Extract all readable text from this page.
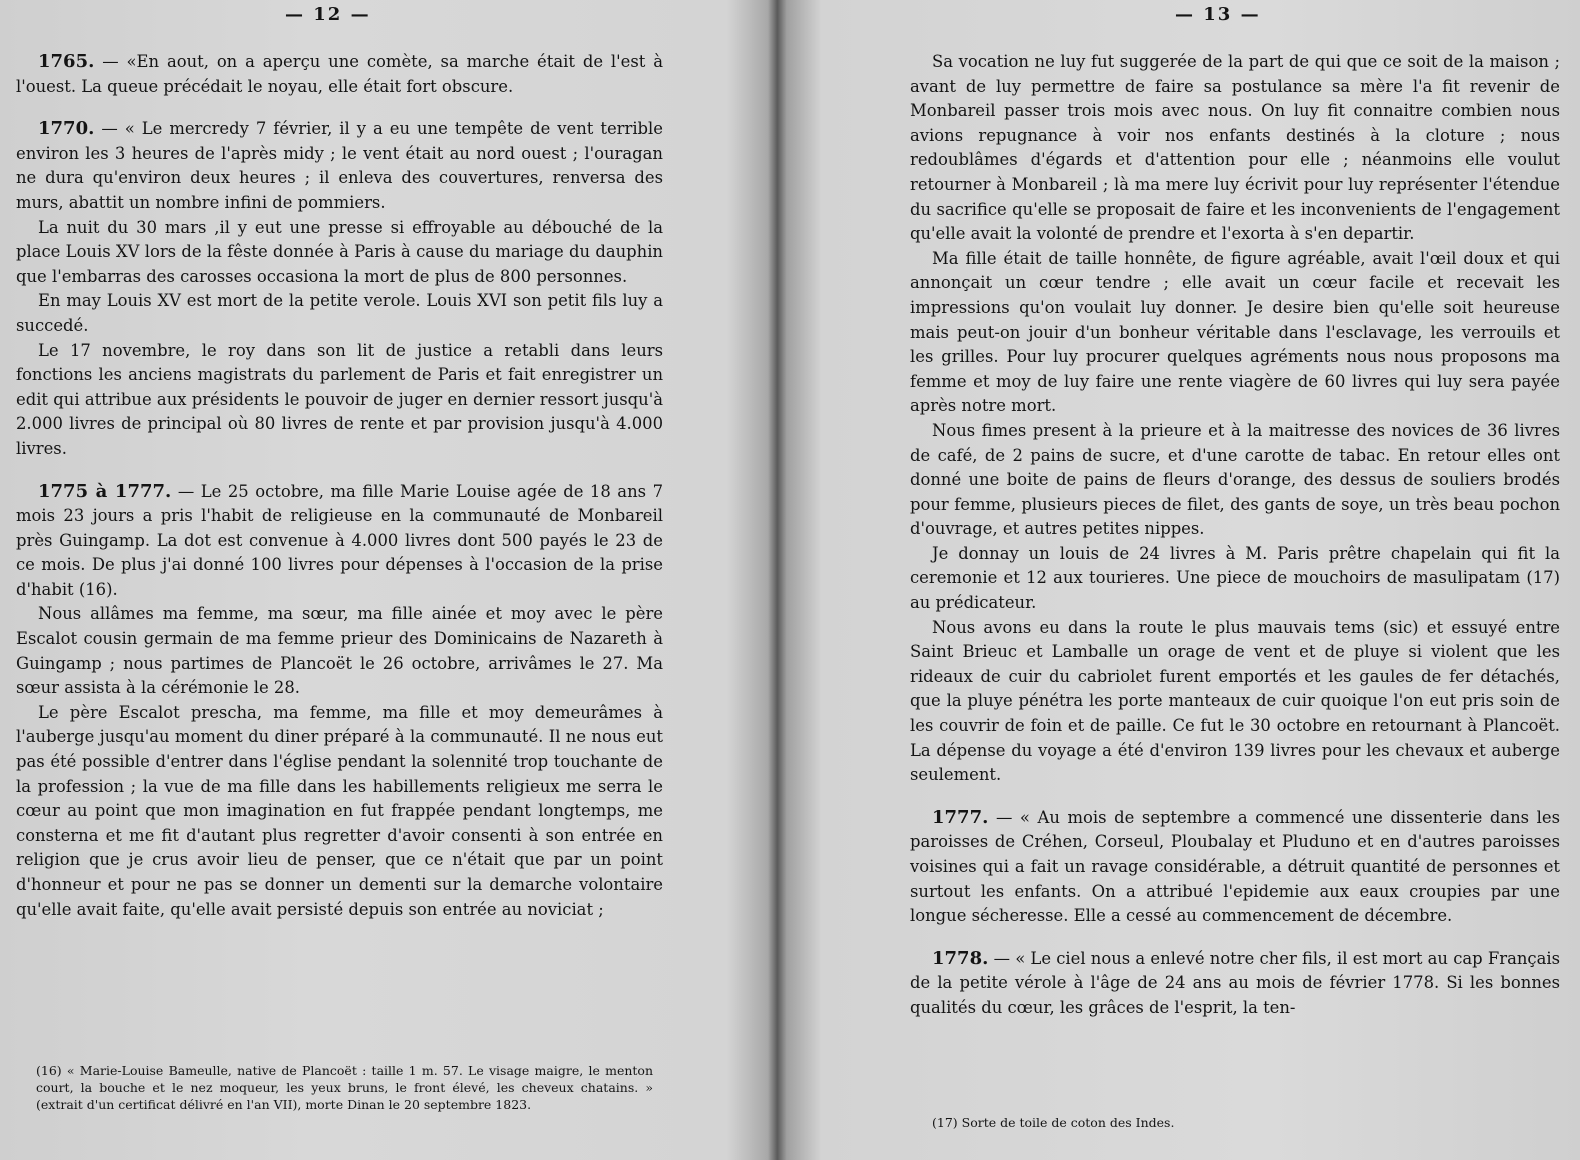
— 12 —

1765. — «En aout, on a aperçu une comète, sa marche était de l'est à l'ouest. La queue précédait le noyau, elle était fort obscure.

1770. — « Le mercredy 7 février, il y a eu une tempête de vent terrible environ les 3 heures de l'après midy ; le vent était au nord ouest ; l'ouragan ne dura qu'environ deux heures ; il enleva des couvertures, renversa des murs, abattit un nombre infini de pommiers.

La nuit du 30 mars ,il y eut une presse si effroyable au débouché de la place Louis XV lors de la fêste donnée à Paris à cause du mariage du dauphin que l'embarras des carosses occasiona la mort de plus de 800 personnes.

En may Louis XV est mort de la petite verole. Louis XVI son petit fils luy a succedé.

Le 17 novembre, le roy dans son lit de justice a retabli dans leurs fonctions les anciens magistrats du parlement de Paris et fait enregistrer un edit qui attribue aux présidents le pouvoir de juger en dernier ressort jusqu'à 2.000 livres de principal où 80 livres de rente et par provision jusqu'à 4.000 livres.

1775 à 1777. — Le 25 octobre, ma fille Marie Louise agée de 18 ans 7 mois 23 jours a pris l'habit de religieuse en la communauté de Monbareil près Guingamp. La dot est convenue à 4.000 livres dont 500 payés le 23 de ce mois. De plus j'ai donné 100 livres pour dépenses à l'occasion de la prise d'habit (16).

Nous allâmes ma femme, ma sœur, ma fille ainée et moy avec le père Escalot cousin germain de ma femme prieur des Dominicains de Nazareth à Guingamp ; nous partimes de Plancoët le 26 octobre, arrivâmes le 27. Ma sœur assista à la cérémonie le 28.

Le père Escalot prescha, ma femme, ma fille et moy demeurâmes à l'auberge jusqu'au moment du diner préparé à la communauté. Il ne nous eut pas été possible d'entrer dans l'église pendant la solennité trop touchante de la profession ; la vue de ma fille dans les habillements religieux me serra le cœur au point que mon imagination en fut frappée pendant longtemps, me consterna et me fit d'autant plus regretter d'avoir consenti à son entrée en religion que je crus avoir lieu de penser, que ce n'était que par un point d'honneur et pour ne pas se donner un dementi sur la demarche volontaire qu'elle avait faite, qu'elle avait persisté depuis son entrée au noviciat ;

(16) « Marie-Louise Bameulle, native de Plancoët : taille 1 m. 57. Le visage maigre, le menton court, la bouche et le nez moqueur, les yeux bruns, le front élevé, les cheveux chatains. » (extrait d'un certificat délivré en l'an VII), morte Dinan le 20 septembre 1823.
— 13 —

Sa vocation ne luy fut suggerée de la part de qui que ce soit de la maison ; avant de luy permettre de faire sa postulance sa mère l'a fit revenir de Monbareil passer trois mois avec nous. On luy fit connaitre combien nous avions repugnance à voir nos enfants destinés à la cloture ; nous redoublâmes d'égards et d'attention pour elle ; néanmoins elle voulut retourner à Monbareil ; là ma mere luy écrivit pour luy représenter l'étendue du sacrifice qu'elle se proposait de faire et les inconvenients de l'engagement qu'elle avait la volonté de prendre et l'exorta à s'en departir.

Ma fille était de taille honnête, de figure agréable, avait l'œil doux et qui annonçait un cœur tendre ; elle avait un cœur facile et recevait les impressions qu'on voulait luy donner. Je desire bien qu'elle soit heureuse mais peut-on jouir d'un bonheur véritable dans l'esclavage, les verrouils et les grilles. Pour luy procurer quelques agréments nous nous proposons ma femme et moy de luy faire une rente viagère de 60 livres qui luy sera payée après notre mort.

Nous fimes present à la prieure et à la maitresse des novices de 36 livres de café, de 2 pains de sucre, et d'une carotte de tabac. En retour elles ont donné une boite de pains de fleurs d'orange, des dessus de souliers brodés pour femme, plusieurs pieces de filet, des gants de soye, un très beau pochon d'ouvrage, et autres petites nippes.

Je donnay un louis de 24 livres à M. Paris prêtre chapelain qui fit la ceremonie et 12 aux tourieres. Une piece de mouchoirs de masulipatam (17) au prédicateur.

Nous avons eu dans la route le plus mauvais tems (sic) et essuyé entre Saint Brieuc et Lamballe un orage de vent et de pluye si violent que les rideaux de cuir du cabriolet furent emportés et les gaules de fer détachés, que la pluye pénétra les porte manteaux de cuir quoique l'on eut pris soin de les couvrir de foin et de paille. Ce fut le 30 octobre en retournant à Plancoët. La dépense du voyage a été d'environ 139 livres pour les chevaux et auberge seulement.

1777. — « Au mois de septembre a commencé une dissenterie dans les paroisses de Créhen, Corseul, Ploubalay et Pluduno et en d'autres paroisses voisines qui a fait un ravage considérable, a détruit quantité de personnes et surtout les enfants. On a attribué l'epidemie aux eaux croupies par une longue sécheresse. Elle a cessé au commencement de décembre.

1778. — « Le ciel nous a enlevé notre cher fils, il est mort au cap Français de la petite vérole à l'âge de 24 ans au mois de février 1778. Si les bonnes qualités du cœur, les grâces de l'esprit, la ten-

(17) Sorte de toile de coton des Indes.
